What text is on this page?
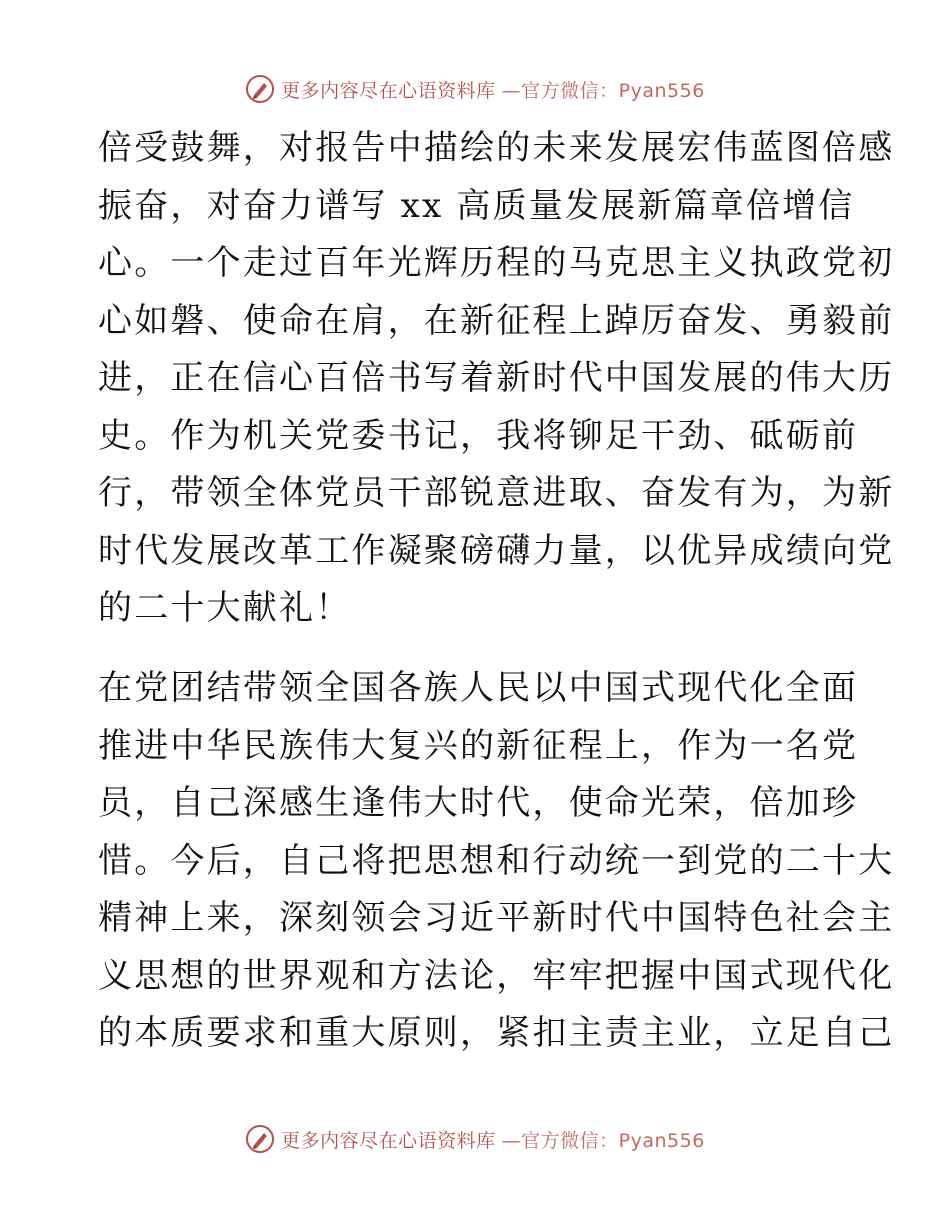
更多内容尽在心语资料库 —官方微信：Pyan556
倍受鼓舞，对报告中描绘的未来发展宏伟蓝图倍感
振奋，对奋力谱写 xx 高质量发展新篇章倍增信
心。一个走过百年光辉历程的马克思主义执政党初
心如磐、使命在肩，在新征程上踔厉奋发、勇毅前
进，正在信心百倍书写着新时代中国发展的伟大历
史。作为机关党委书记，我将铆足干劲、砥砺前
行，带领全体党员干部锐意进取、奋发有为，为新
时代发展改革工作凝聚磅礴力量，以优异成绩向党
的二十大献礼！
在党团结带领全国各族人民以中国式现代化全面
推进中华民族伟大复兴的新征程上，作为一名党
员，自己深感生逢伟大时代，使命光荣，倍加珍
惜。今后，自己将把思想和行动统一到党的二十大
精神上来，深刻领会习近平新时代中国特色社会主
义思想的世界观和方法论，牢牢把握中国式现代化
的本质要求和重大原则，紧扣主责主业，立足自己
更多内容尽在心语资料库 —官方微信：Pyan556
